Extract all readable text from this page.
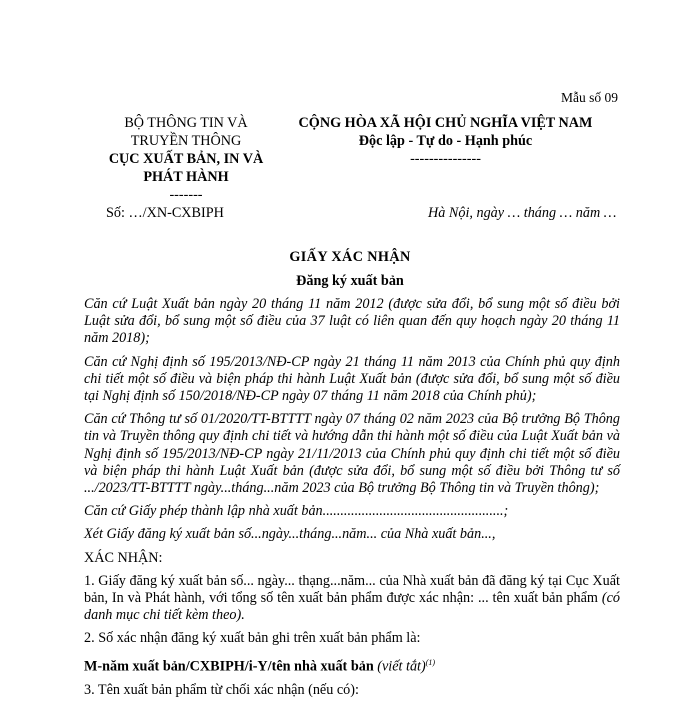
Mẫu số 09
BỘ THÔNG TIN VÀ
TRUYỀN THÔNG
CỤC XUẤT BẢN, IN VÀ
PHÁT HÀNH
-------
CỘNG HÒA XÃ HỘI CHỦ NGHĨA VIỆT NAM
Độc lập - Tự do - Hạnh phúc
---------------
Số: …/XN-CXBIPH	Hà Nội, ngày … tháng … năm …
GIẤY XÁC NHẬN
Đăng ký xuất bản

Căn cứ Luật Xuất bản ngày 20 tháng 11 năm 2012 (được sửa đổi, bổ sung một số điều bởi Luật sửa đổi, bổ sung một số điều của 37 luật có liên quan đến quy hoạch ngày 20 tháng 11 năm 2018);

Căn cứ Nghị định số 195/2013/NĐ-CP ngày 21 tháng 11 năm 2013 của Chính phủ quy định chi tiết một số điều và biện pháp thi hành Luật Xuất bản (được sửa đổi, bổ sung một số điều tại Nghị định số 150/2018/NĐ-CP ngày 07 tháng 11 năm 2018 của Chính phủ);

Căn cứ Thông tư số 01/2020/TT-BTTTT ngày 07 tháng 02 năm 2023 của Bộ trưởng Bộ Thông tin và Truyền thông quy định chi tiết và hướng dẫn thi hành một số điều của Luật Xuất bản và Nghị định số 195/2013/NĐ-CP ngày 21/11/2013 của Chính phủ quy định chi tiết một số điều và biện pháp thi hành Luật Xuất bản (được sửa đổi, bổ sung một số điều bởi Thông tư số .../2023/TT-BTTTT ngày...tháng...năm 2023 của Bộ trưởng Bộ Thông tin và Truyền thông);

Căn cứ Giấy phép thành lập nhà xuất bản...................................................;

Xét Giấy đăng ký xuất bản số...ngày...tháng...năm... của Nhà xuất bản...,

XÁC NHẬN:

1. Giấy đăng ký xuất bản số... ngày... thạng...năm... của Nhà xuất bản đã đăng ký tại Cục Xuất bản, In và Phát hành, với tổng số tên xuất bản phẩm được xác nhận: ... tên xuất bản phẩm (có danh mục chi tiết kèm theo).

2. Số xác nhận đăng ký xuất bản ghi trên xuất bản phẩm là:

M-năm xuất bản/CXBIPH/i-Y/tên nhà xuất bản (viết tắt)$^{(1)}$

3. Tên xuất bản phẩm từ chối xác nhận (nếu có):
